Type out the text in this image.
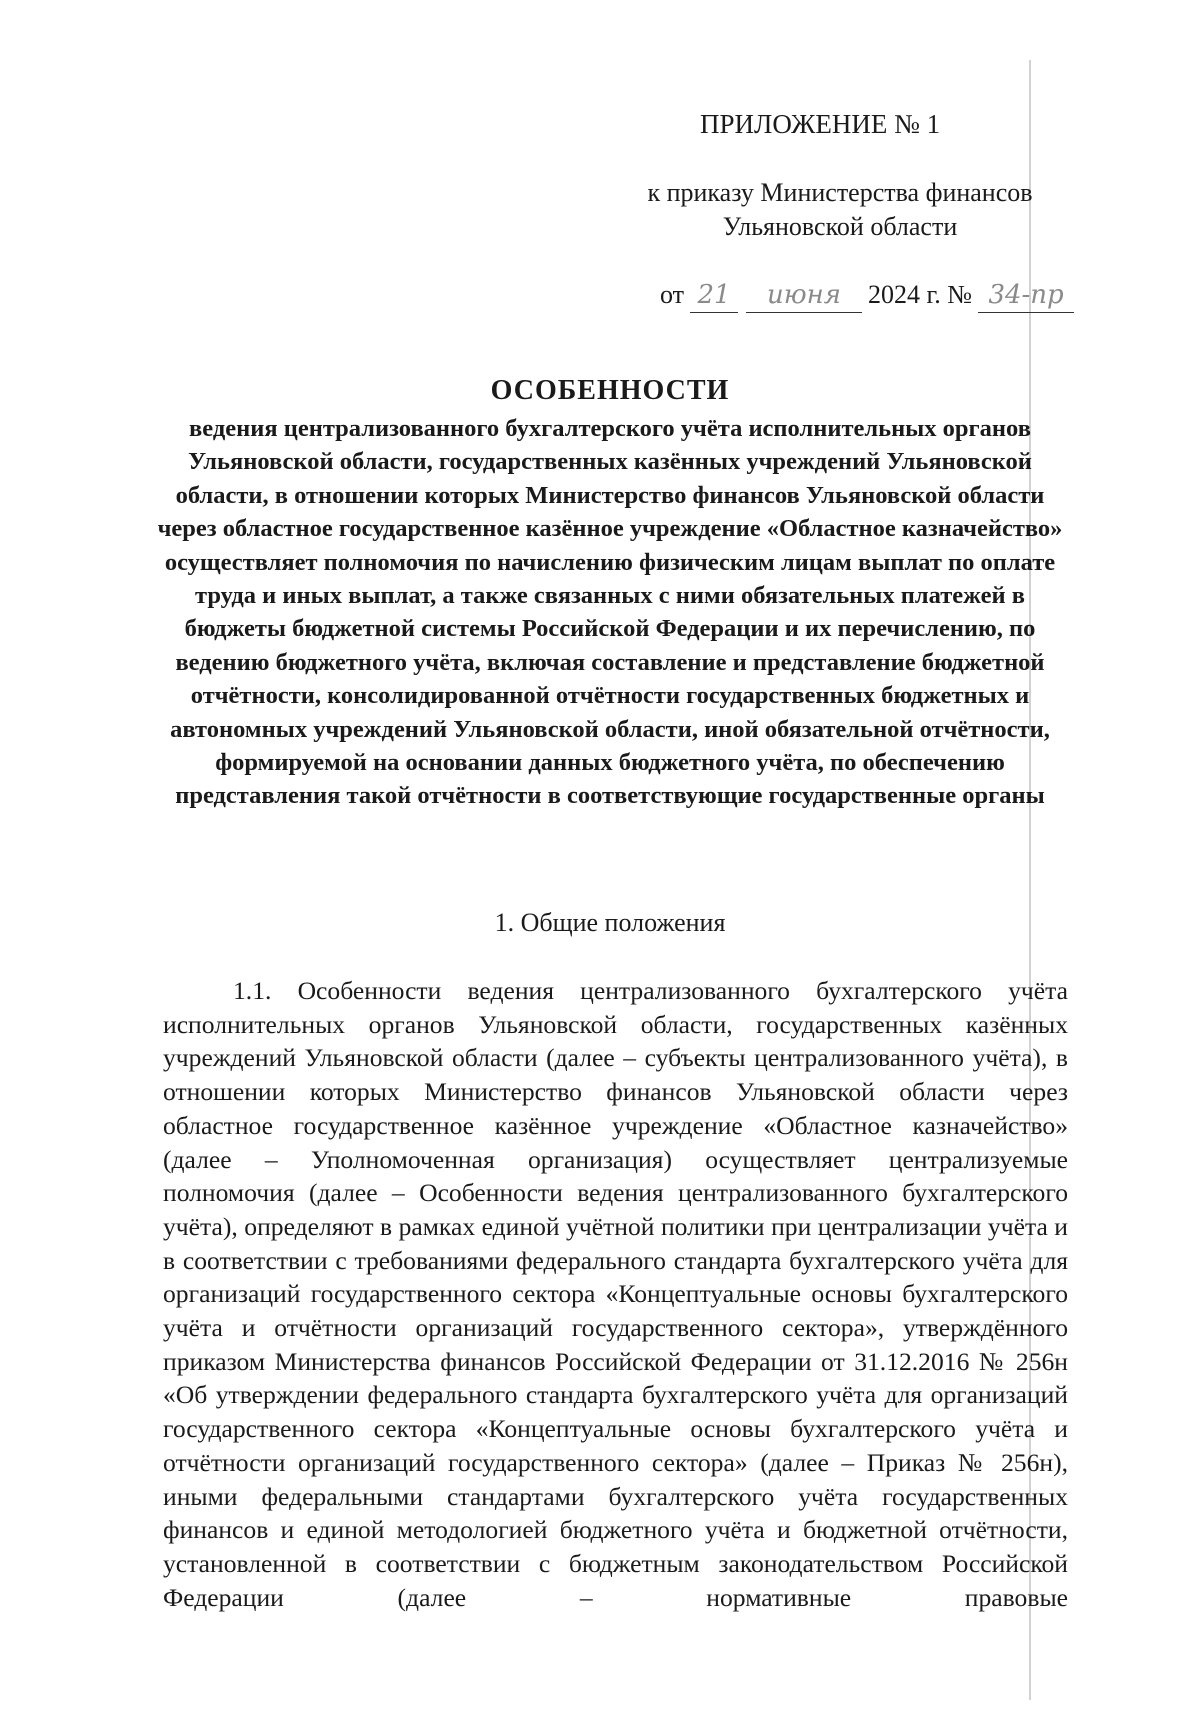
ПРИЛОЖЕНИЕ № 1
к приказу Министерства финансов
Ульяновской области
от 21 июня 2024 г. № 34-пр
ОСОБЕННОСТИ
ведения централизованного бухгалтерского учёта исполнительных органов Ульяновской области, государственных казённых учреждений Ульяновской области, в отношении которых Министерство финансов Ульяновской области через областное государственное казённое учреждение «Областное казначейство» осуществляет полномочия по начислению физическим лицам выплат по оплате труда и иных выплат, а также связанных с ними обязательных платежей в бюджеты бюджетной системы Российской Федерации и их перечислению, по ведению бюджетного учёта, включая составление и представление бюджетной отчётности, консолидированной отчётности государственных бюджетных и автономных учреждений Ульяновской области, иной обязательной отчётности, формируемой на основании данных бюджетного учёта, по обеспечению представления такой отчётности в соответствующие государственные органы
1. Общие положения

1.1. Особенности ведения централизованного бухгалтерского учёта исполнительных органов Ульяновской области, государственных казённых учреждений Ульяновской области (далее – субъекты централизованного учёта), в отношении которых Министерство финансов Ульяновской области через областное государственное казённое учреждение «Областное казначейство» (далее – Уполномоченная организация) осуществляет централизуемые полномочия (далее – Особенности ведения централизованного бухгалтерского учёта), определяют в рамках единой учётной политики при централизации учёта и в соответствии с требованиями федерального стандарта бухгалтерского учёта для организаций государственного сектора «Концептуальные основы бухгалтерского учёта и отчётности организаций государственного сектора», утверждённого приказом Министерства финансов Российской Федерации от 31.12.2016 № 256н «Об утверждении федерального стандарта бухгалтерского учёта для организаций государственного сектора «Концептуальные основы бухгалтерского учёта и отчётности организаций государственного сектора» (далее – Приказ № 256н), иными федеральными стандартами бухгалтерского учёта государственных финансов и единой методологией бюджетного учёта и бюджетной отчётности, установленной в соответствии с бюджетным законодательством Российской Федерации (далее – нормативные правовые
